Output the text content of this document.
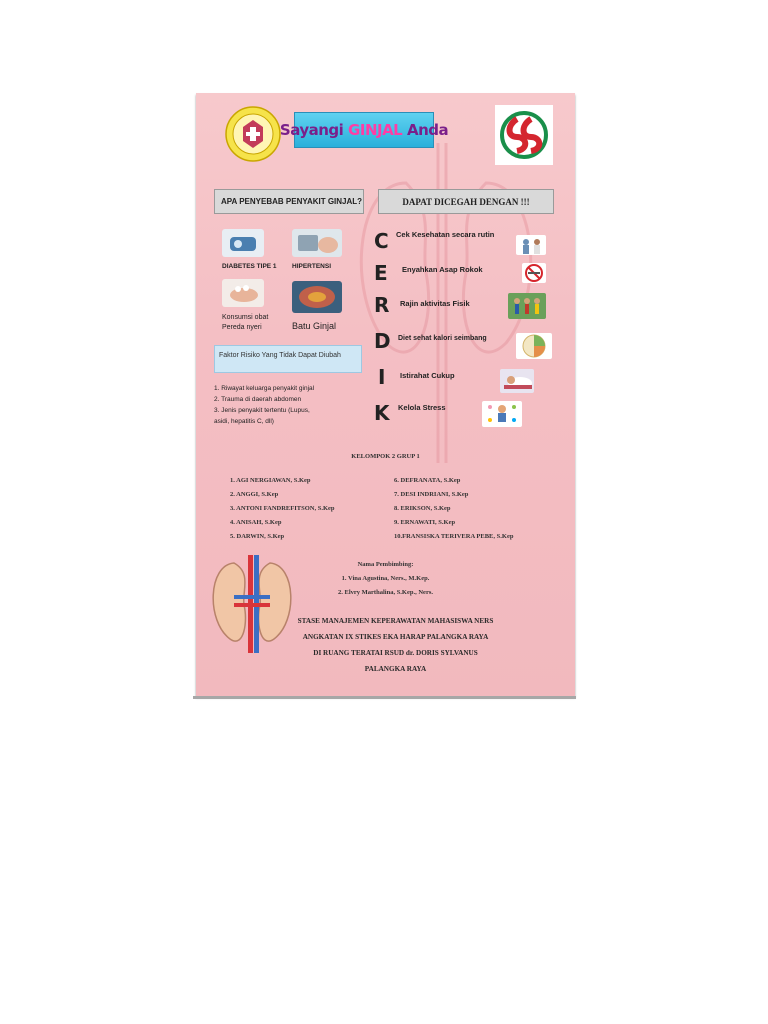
Sayangi GINJAL Anda
APA PENYEBAB PENYAKIT GINJAL?	DAPAT DICEGAH DENGAN !!!
DIABETES TIPE 1 HIPERTENSI
Konsumsi obat Pereda nyeri	Batu Ginjal
Faktor Risiko Yang Tidak Dapat Diubah
1. Riwayat keluarga penyakit ginjal
2. Trauma di daerah abdomen
3. Jenis penyakit tertentu (Lupus,
asidi, hepatitis C, dll)
C
E
R
D
I
K
Cek Kesehatan secara rutin
Enyahkan Asap Rokok
Rajin aktivitas Fisik
Diet sehat kalori seimbang
Istirahat Cukup
Kelola Stress
KELOMPOK 2 GRUP 1
1. AGI NERGIAWAN, S.Kep
2. ANGGI, S.Kep
3. ANTONI FANDREFITSON, S.Kep
4. ANISAH, S.Kep
5. DARWIN, S.Kep
6. DEFRANATA, S.Kep
7. DESI INDRIANI, S.Kep
8. ERIKSON, S.Kep
9. ERNAWATI, S.Kep
10.FRANSISKA TERIVERA PEBE, S.Kep
Nama Pembimbing:
1. Vina Agustina, Ners., M.Kep.
2. Elvry Marthalina, S.Kep., Ners.
STASE MANAJEMEN KEPERAWATAN MAHASISWA NERS
ANGKATAN IX STIKES EKA HARAP PALANGKA RAYA
DI RUANG TERATAI RSUD dr. DORIS SYLVANUS
PALANGKA RAYA
